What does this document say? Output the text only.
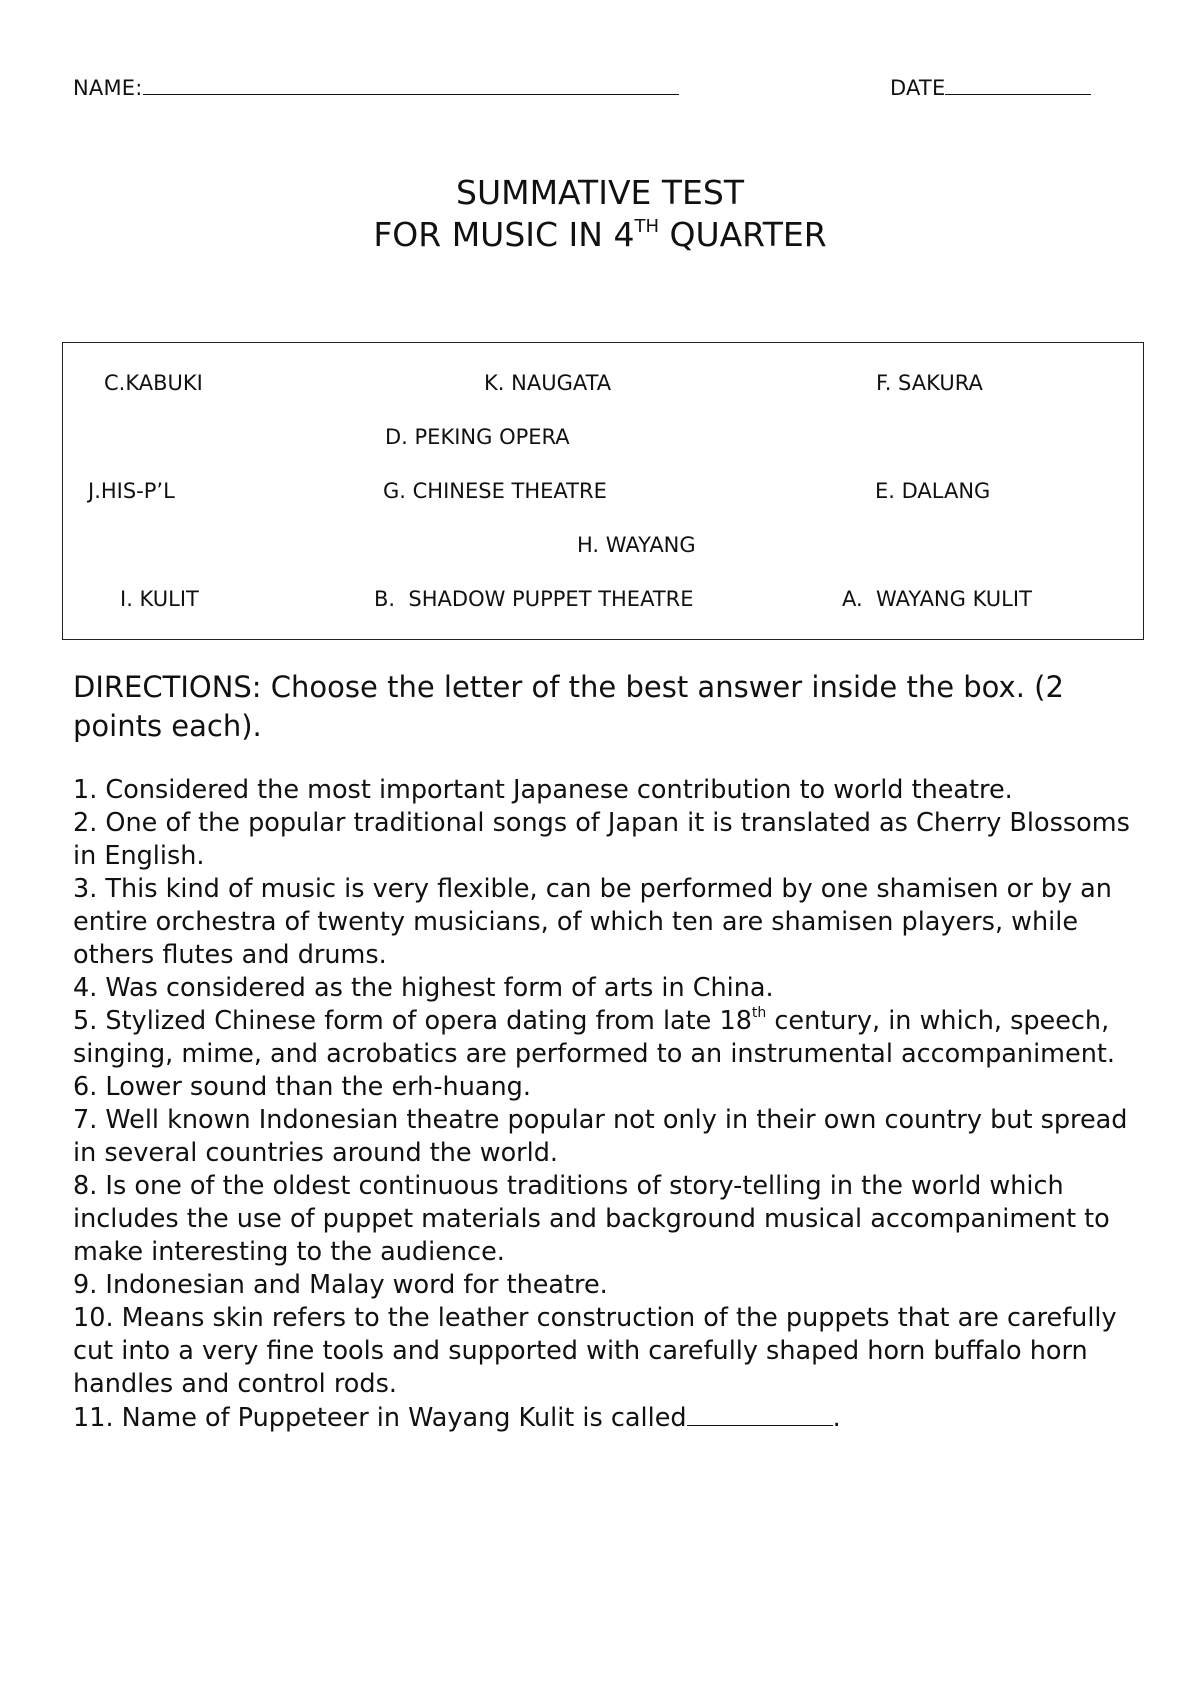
NAME:	DATE
SUMMATIVE TEST
FOR MUSIC IN 4TH QUARTER
C.KABUKI	K. NAUGATA	F. SAKURA
D. PEKING OPERA
J.HIS-P’L	G. CHINESE THEATRE	E. DALANG
H. WAYANG
I. KULIT	B.  SHADOW PUPPET THEATRE	A.  WAYANG KULIT
DIRECTIONS: Choose the letter of the best answer inside the box. (2 points each).
1. Considered the most important Japanese contribution to world theatre.
2. One of the popular traditional songs of Japan it is translated as Cherry Blossoms in English.
3. This kind of music is very flexible, can be performed by one shamisen or by an entire orchestra of twenty musicians, of which ten are shamisen players, while others flutes and drums.
4. Was considered as the highest form of arts in China.
5. Stylized Chinese form of opera dating from late 18th century, in which, speech, singing, mime, and acrobatics are performed to an instrumental accompaniment.
6. Lower sound than the erh-huang.
7. Well known Indonesian theatre popular not only in their own country but spread in several countries around the world.
8. Is one of the oldest continuous traditions of story-telling in the world which includes the use of puppet materials and background musical accompaniment to make interesting to the audience.
9. Indonesian and Malay word for theatre.
10. Means skin refers to the leather construction of the puppets that are carefully cut into a very fine tools and supported with carefully shaped horn buffalo horn handles and control rods.
11. Name of Puppeteer in Wayang Kulit is called	.
